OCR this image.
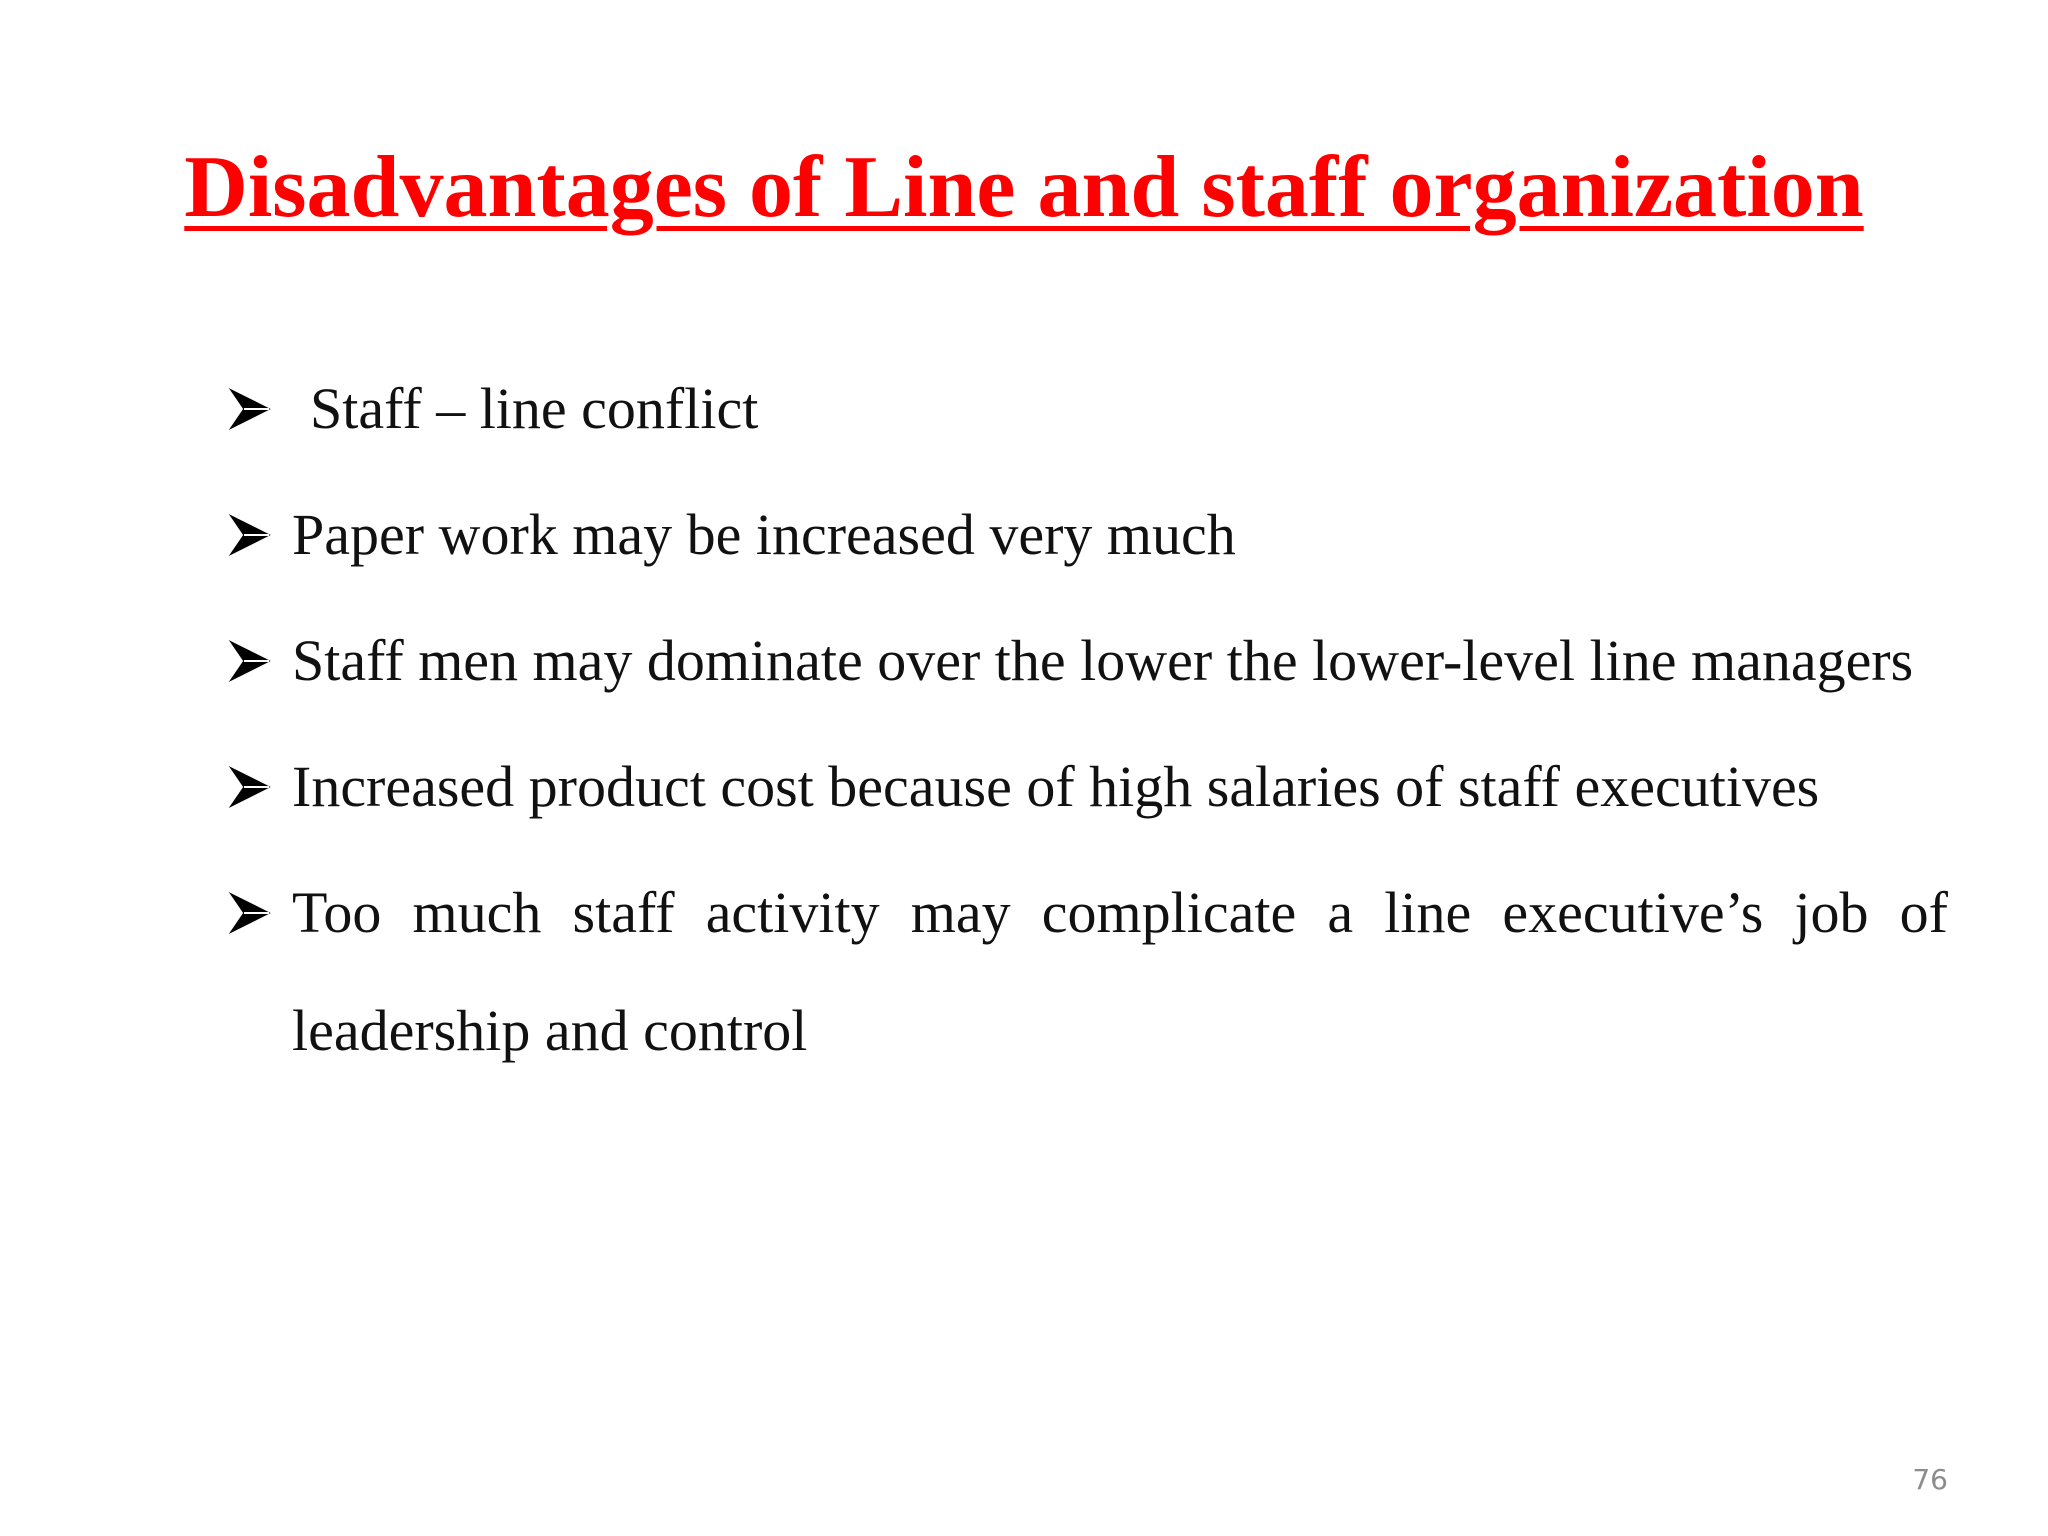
Disadvantages of Line and staff organization
Staff – line conflict
Paper work may be increased very much
Staff men may dominate over the lower the lower-level line managers
Increased product cost because of high salaries of staff executives
Too much staff activity may complicate a line executive’s job of leadership and control
76
